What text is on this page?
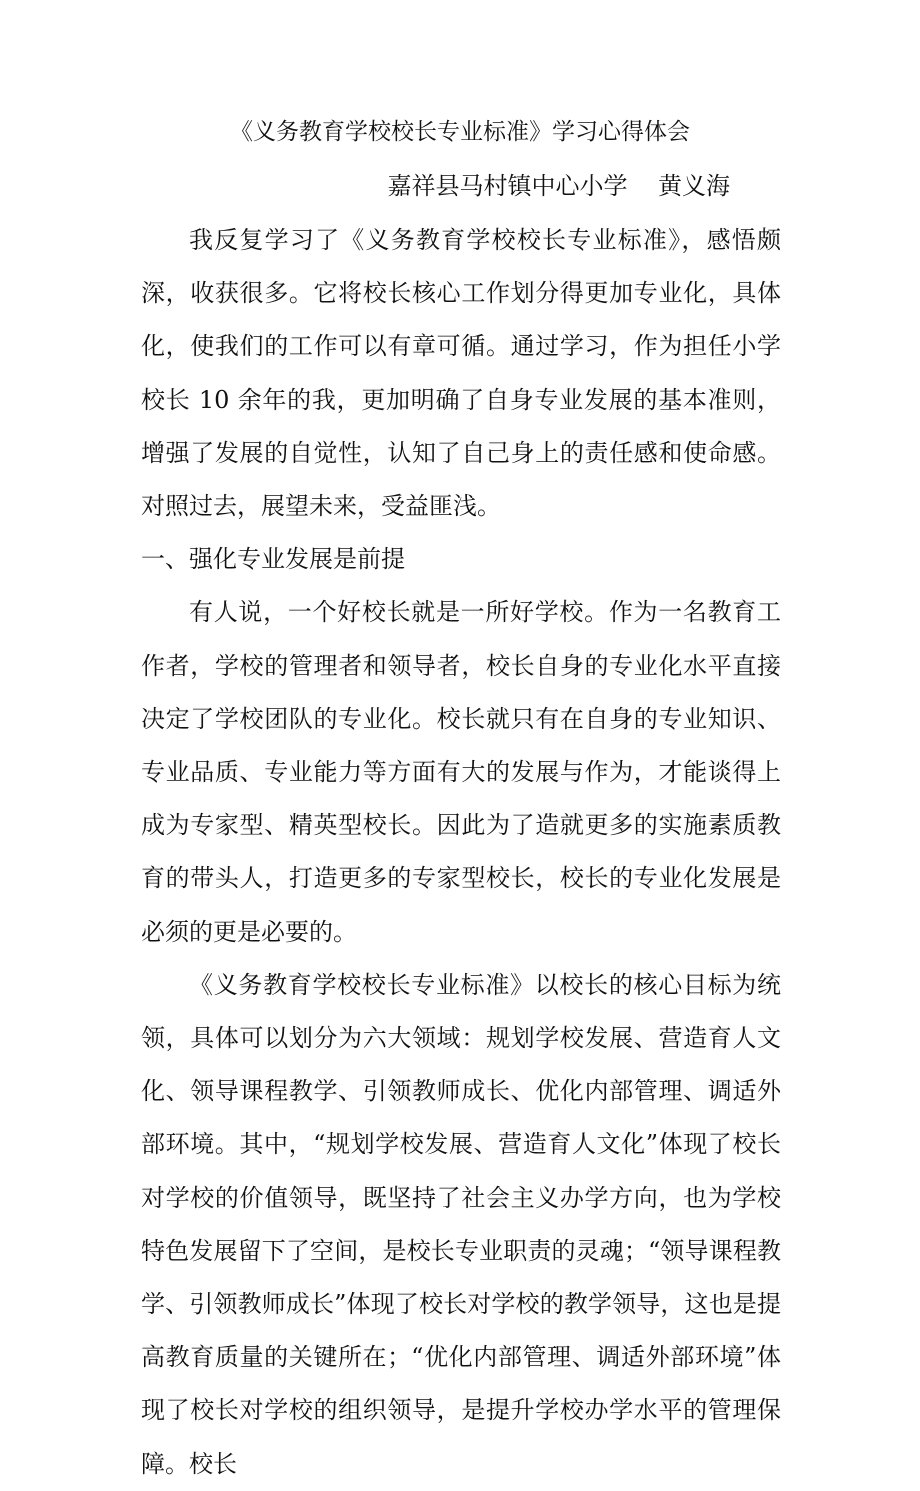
《义务教育学校校长专业标准》学习心得体会
嘉祥县马村镇中心小学    黄义海

我反复学习了《义务教育学校校长专业标准》，感悟颇深，收获很多。它将校长核心工作划分得更加专业化，具体化，使我们的工作可以有章可循。通过学习，作为担任小学校长 10 余年的我，更加明确了自身专业发展的基本准则，增强了发展的自觉性，认知了自己身上的责任感和使命感。对照过去，展望未来，受益匪浅。

一、强化专业发展是前提

有人说，一个好校长就是一所好学校。作为一名教育工作者，学校的管理者和领导者，校长自身的专业化水平直接决定了学校团队的专业化。校长就只有在自身的专业知识、专业品质、专业能力等方面有大的发展与作为，才能谈得上成为专家型、精英型校长。因此为了造就更多的实施素质教育的带头人，打造更多的专家型校长，校长的专业化发展是必须的更是必要的。

《义务教育学校校长专业标准》以校长的核心目标为统领，具体可以划分为六大领域：规划学校发展、营造育人文化、领导课程教学、引领教师成长、优化内部管理、调适外部环境。其中，“规划学校发展、营造育人文化”体现了校长对学校的价值领导，既坚持了社会主义办学方向，也为学校特色发展留下了空间，是校长专业职责的灵魂；“领导课程教学、引领教师成长”体现了校长对学校的教学领导，这也是提高教育质量的关键所在；“优化内部管理、调适外部环境”体现了校长对学校的组织领导，是提升学校办学水平的管理保障。校长
